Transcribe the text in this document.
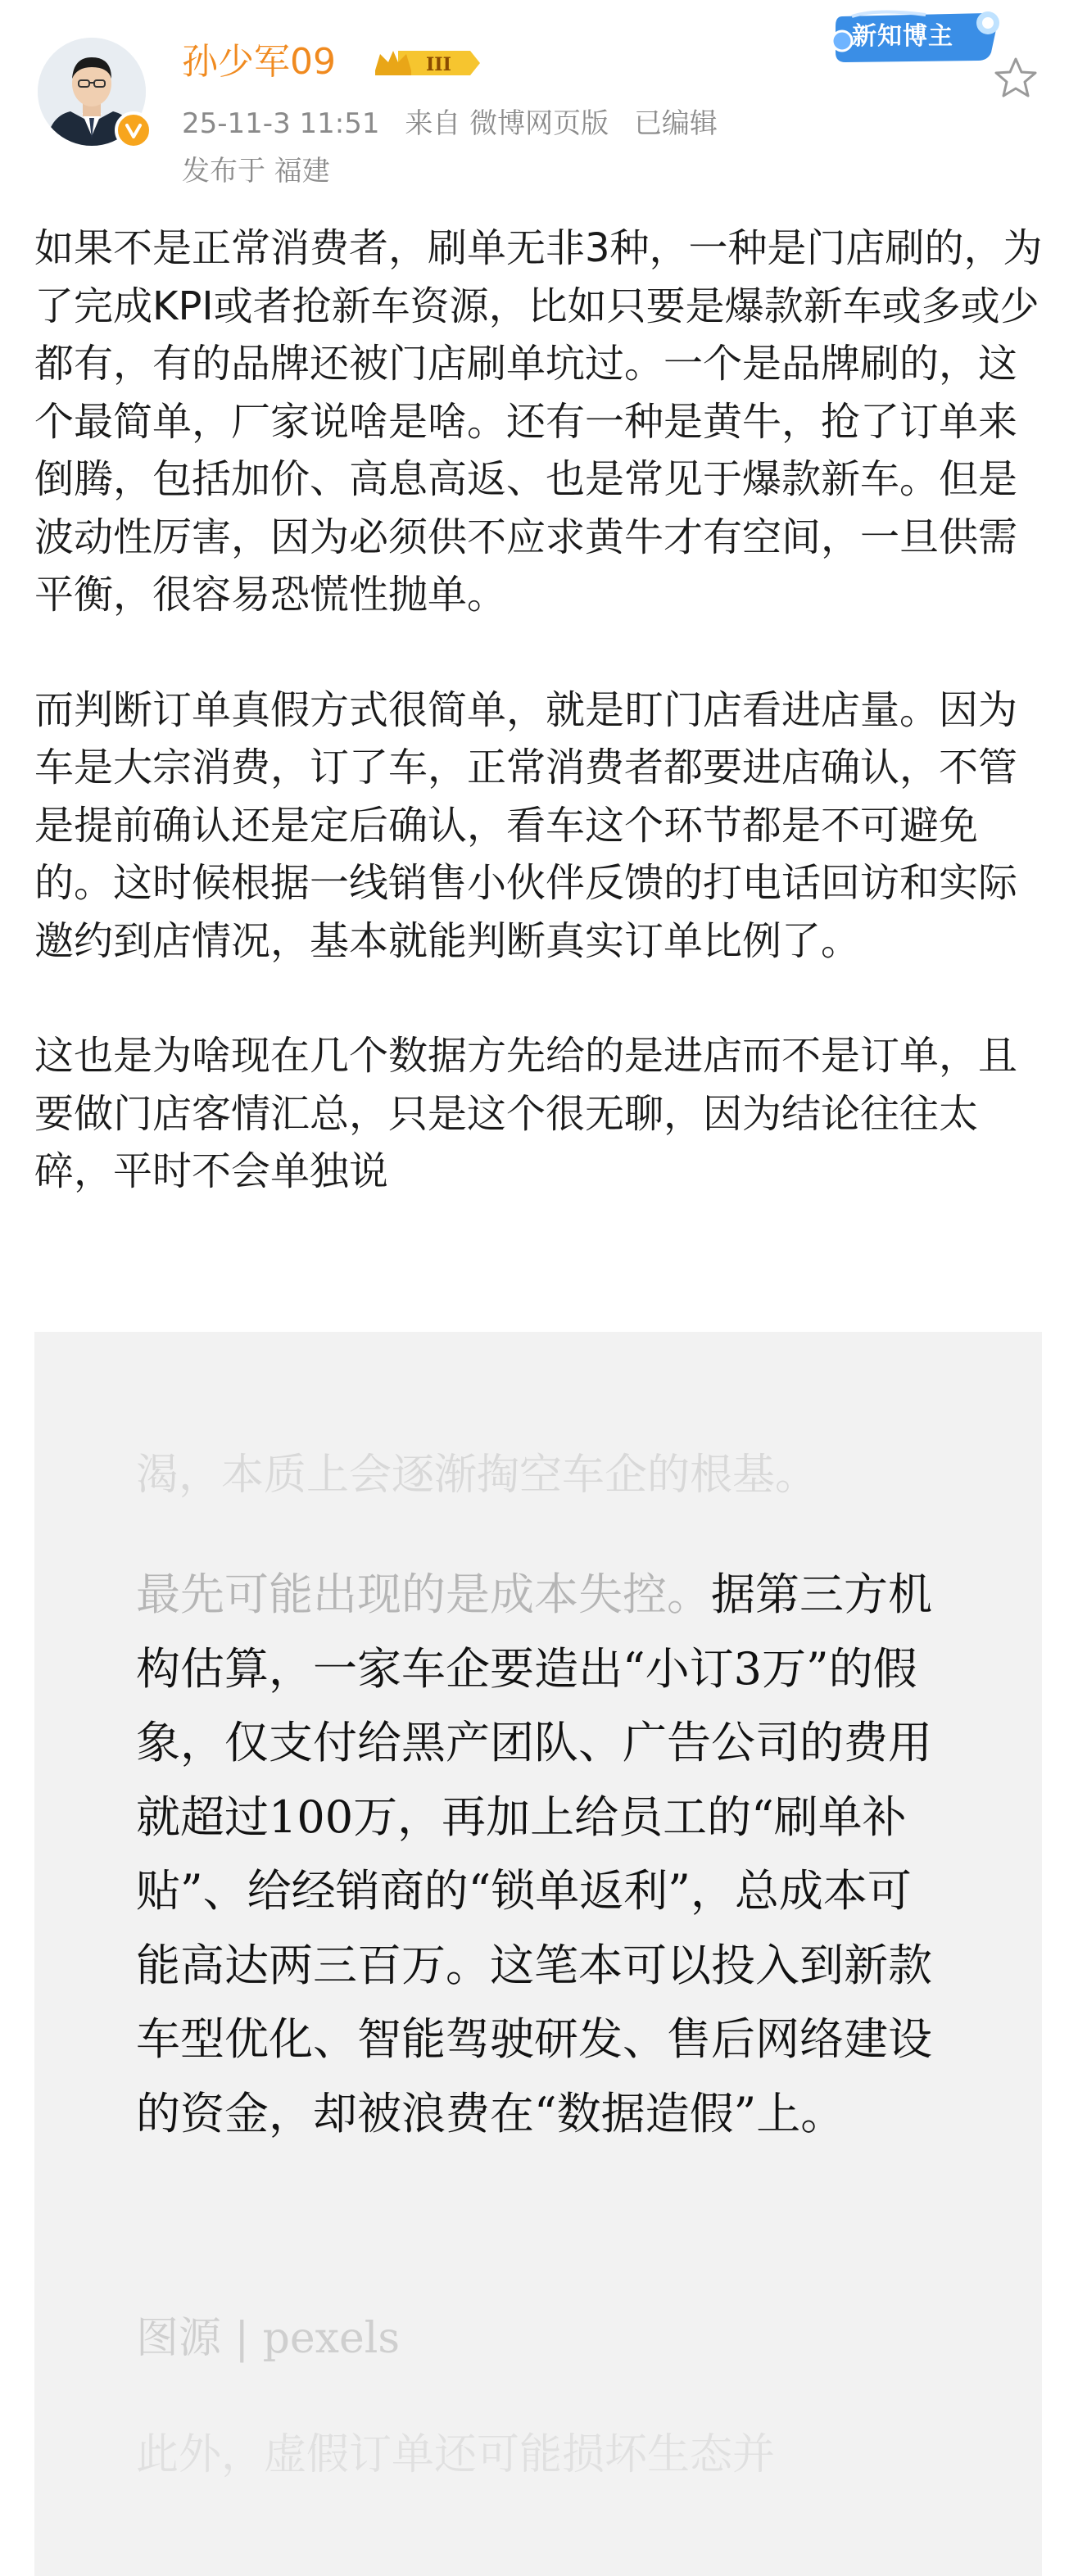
孙少军09	III
25-11-3 11:51 来自 微博网页版 已编辑
发布于 福建
新知博主

如果不是正常消费者，刷单无非3种，一种是门店刷的，为了完成KPI或者抢新车资源，比如只要是爆款新车或多或少都有，有的品牌还被门店刷单坑过。一个是品牌刷的，这个最简单，厂家说啥是啥。还有一种是黄牛，抢了订单来倒腾，包括加价、高息高返、也是常见于爆款新车。但是波动性厉害，因为必须供不应求黄牛才有空间，一旦供需平衡，很容易恐慌性抛单。

而判断订单真假方式很简单，就是盯门店看进店量。因为车是大宗消费，订了车，正常消费者都要进店确认，不管是提前确认还是定后确认，看车这个环节都是不可避免的。这时候根据一线销售小伙伴反馈的打电话回访和实际邀约到店情况，基本就能判断真实订单比例了。

这也是为啥现在几个数据方先给的是进店而不是订单，且要做门店客情汇总，只是这个很无聊，因为结论往往太碎，平时不会单独说

渴，本质上会逐渐掏空车企的根基。

最先可能出现的是成本失控。据第三方机构估算，一家车企要造出“小订3万”的假象，仅支付给黑产团队、广告公司的费用就超过100万，再加上给员工的“刷单补贴”、给经销商的“锁单返利”，总成本可能高达两三百万。这笔本可以投入到新款车型优化、智能驾驶研发、售后网络建设的资金，却被浪费在“数据造假”上。

图源 | pexels
此外，虚假订单还可能损坏生态并
